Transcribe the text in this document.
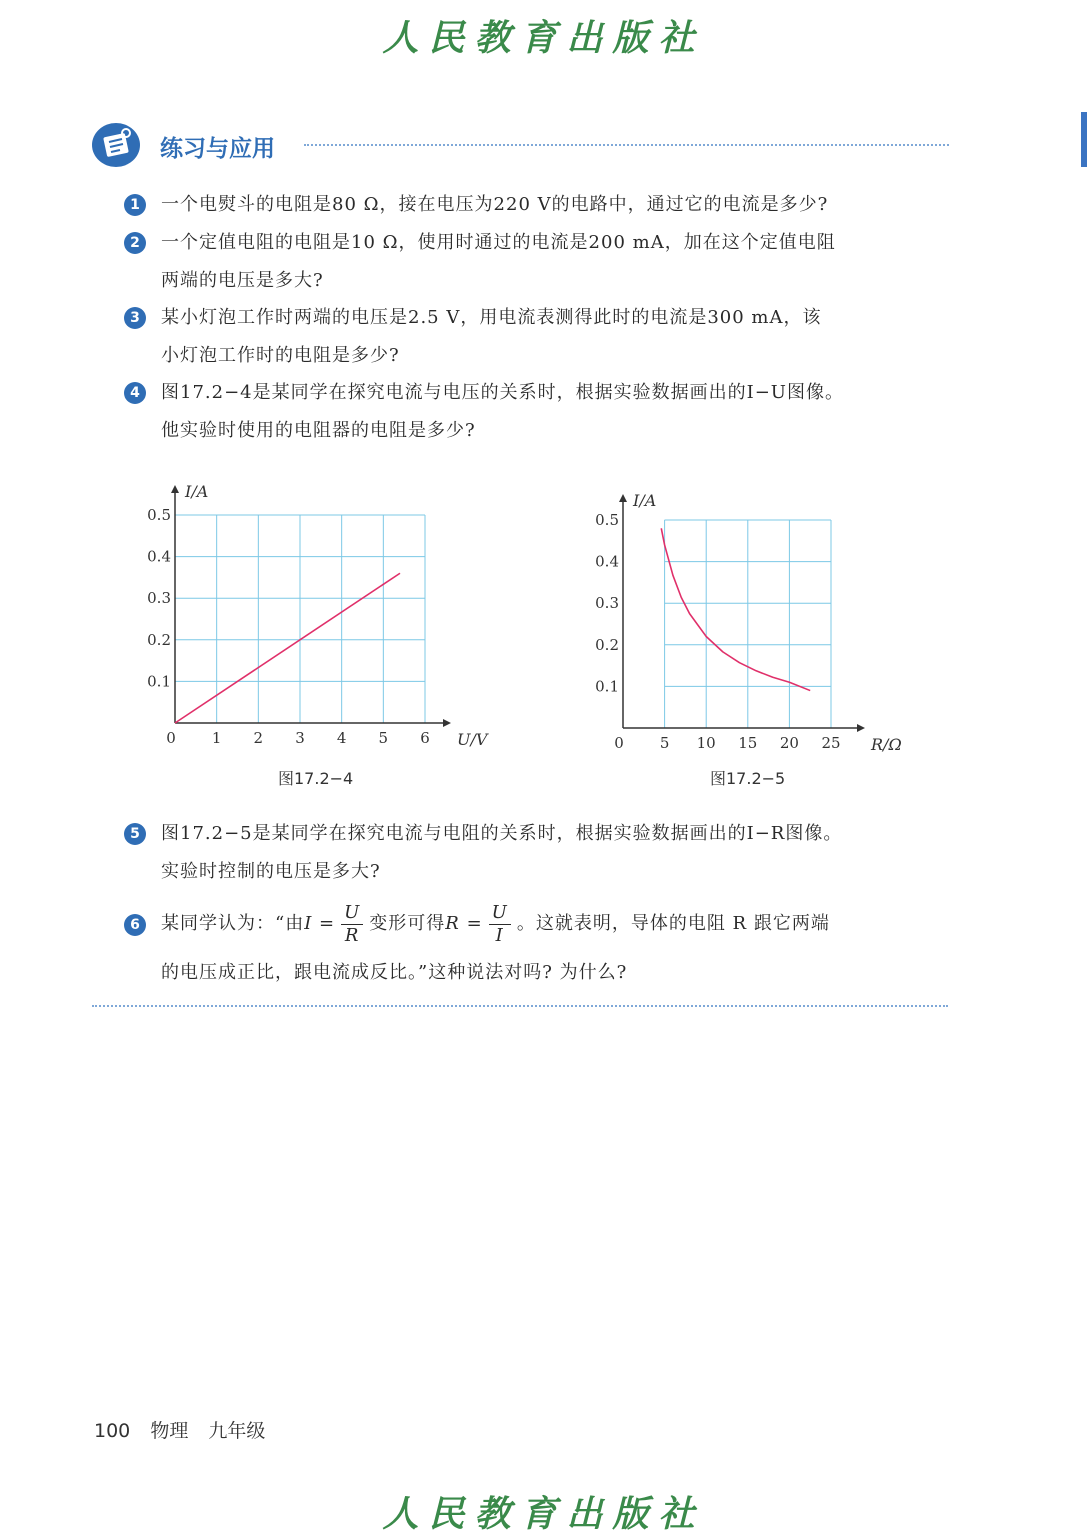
人民教育出版社
练习与应用
1	一个电熨斗的电阻是80 Ω，接在电压为220 V的电路中，通过它的电流是多少?
2	一个定值电阻的电阻是10 Ω，使用时通过的电流是200 mA，加在这个定值电阻
两端的电压是多大?
3	某小灯泡工作时两端的电压是2.5 V，用电流表测得此时的电流是300 mA，该
小灯泡工作时的电阻是多少?
4	图17.2−4是某同学在探究电流与电压的关系时，根据实验数据画出的I−U图像。
他实验时使用的电阻器的电阻是多少?
0 1 2 3 4 5 6
0.1
0.2
0.3
0.4
0.5
U/V
I/A
图17.2−4
0 5 10 15 20 25
0.1
0.2
0.3
0.4
0.5
R/Ω
I/A
图17.2−5
5	图17.2−5是某同学在探究电流与电阻的关系时，根据实验数据画出的I−R图像。
实验时控制的电压是多大?
6	某同学认为：“由$I = \frac{U}{R}$ 变形可得$R = \frac{U}{I}$ 。这就表明，导体的电阻 R 跟它两端
的电压成正比，跟电流成反比。”这种说法对吗? 为什么?
100 物理 九年级
人民教育出版社
